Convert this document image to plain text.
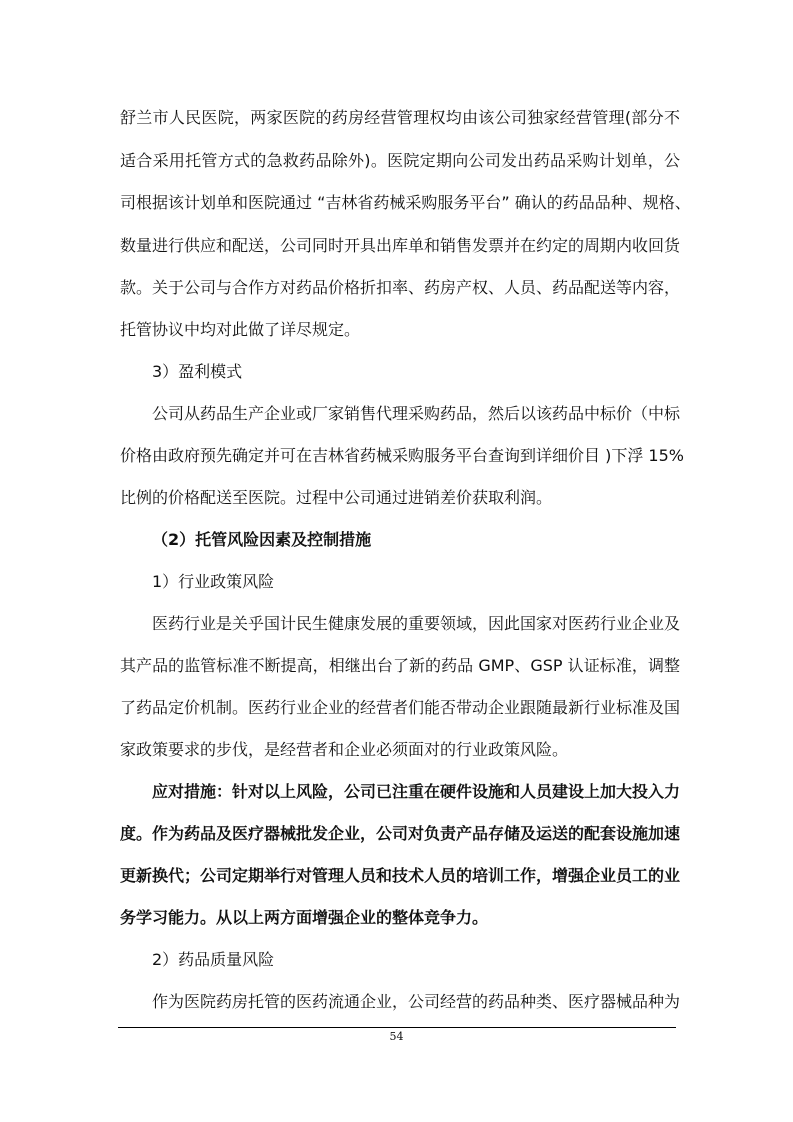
舒兰市人民医院，两家医院的药房经营管理权均由该公司独家经营管理(部分不
适合采用托管方式的急救药品除外)。医院定期向公司发出药品采购计划单，公
司根据该计划单和医院通过 “吉林省药械采购服务平台” 确认的药品品种、规格、
数量进行供应和配送，公司同时开具出库单和销售发票并在约定的周期内收回货
款。关于公司与合作方对药品价格折扣率、药房产权、人员、药品配送等内容，
托管协议中均对此做了详尽规定。
3）盈利模式
公司从药品生产企业或厂家销售代理采购药品，然后以该药品中标价（中标
价格由政府预先确定并可在吉林省药械采购服务平台查询到详细价目 )下浮 15%
比例的价格配送至医院。过程中公司通过进销差价获取利润。
（2）托管风险因素及控制措施
1）行业政策风险
医药行业是关乎国计民生健康发展的重要领域，因此国家对医药行业企业及
其产品的监管标准不断提高，相继出台了新的药品 GMP、GSP 认证标准，调整
了药品定价机制。医药行业企业的经营者们能否带动企业跟随最新行业标准及国
家政策要求的步伐，是经营者和企业必须面对的行业政策风险。
应对措施：针对以上风险，公司已注重在硬件设施和人员建设上加大投入力
度。作为药品及医疗器械批发企业，公司对负责产品存储及运送的配套设施加速
更新换代；公司定期举行对管理人员和技术人员的培训工作，增强企业员工的业
务学习能力。从以上两方面增强企业的整体竞争力。
2）药品质量风险
作为医院药房托管的医药流通企业，公司经营的药品种类、医疗器械品种为
54
